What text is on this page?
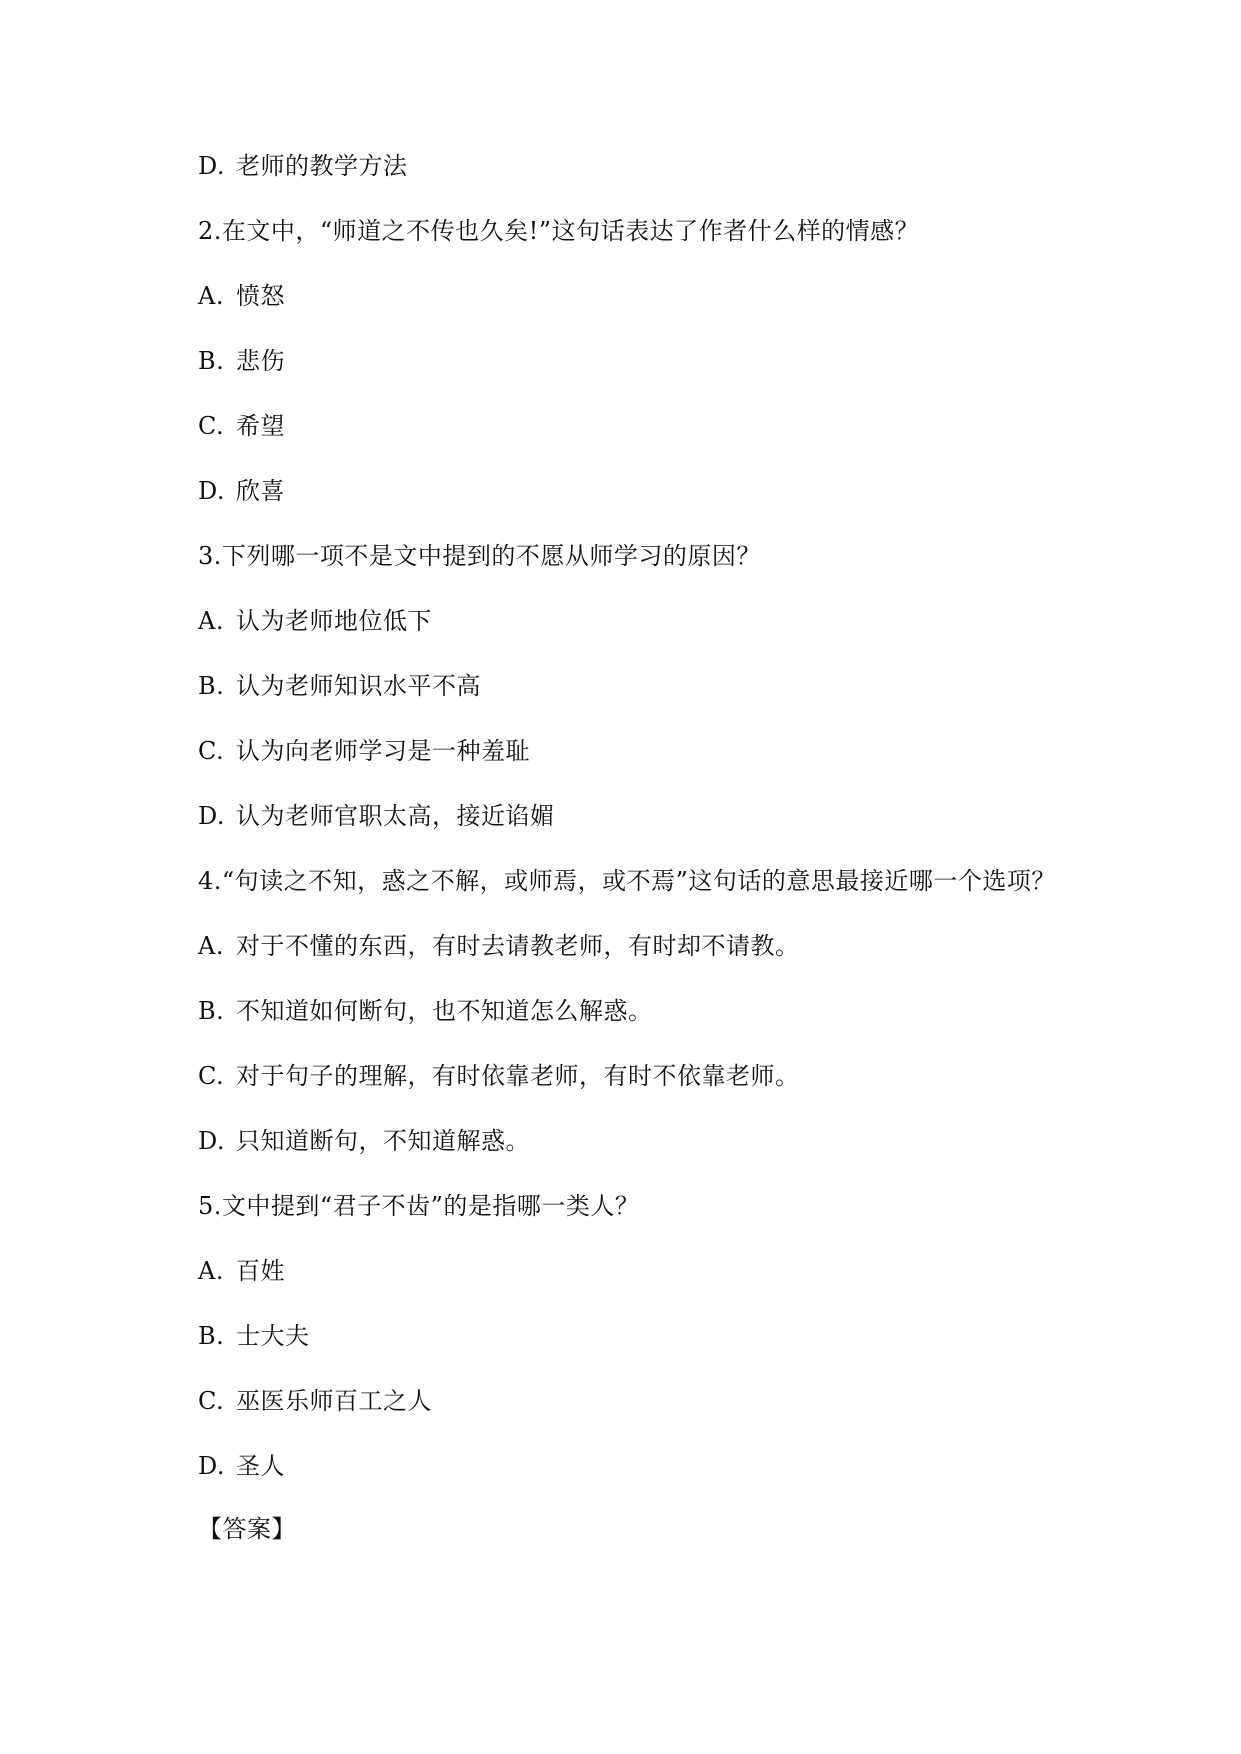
D. 老师的教学方法
2.在文中，“师道之不传也久矣!”这句话表达了作者什么样的情感？
A. 愤怒
B. 悲伤
C. 希望
D. 欣喜
3.下列哪一项不是文中提到的不愿从师学习的原因？
A. 认为老师地位低下
B. 认为老师知识水平不高
C. 认为向老师学习是一种羞耻
D. 认为老师官职太高，接近谄媚
4.“句读之不知，惑之不解，或师焉，或不焉”这句话的意思最接近哪一个选项？
A. 对于不懂的东西，有时去请教老师，有时却不请教。
B. 不知道如何断句，也不知道怎么解惑。
C. 对于句子的理解，有时依靠老师，有时不依靠老师。
D. 只知道断句，不知道解惑。
5.文中提到“君子不齿”的是指哪一类人？
A. 百姓
B. 士大夫
C. 巫医乐师百工之人
D. 圣人
【答案】
